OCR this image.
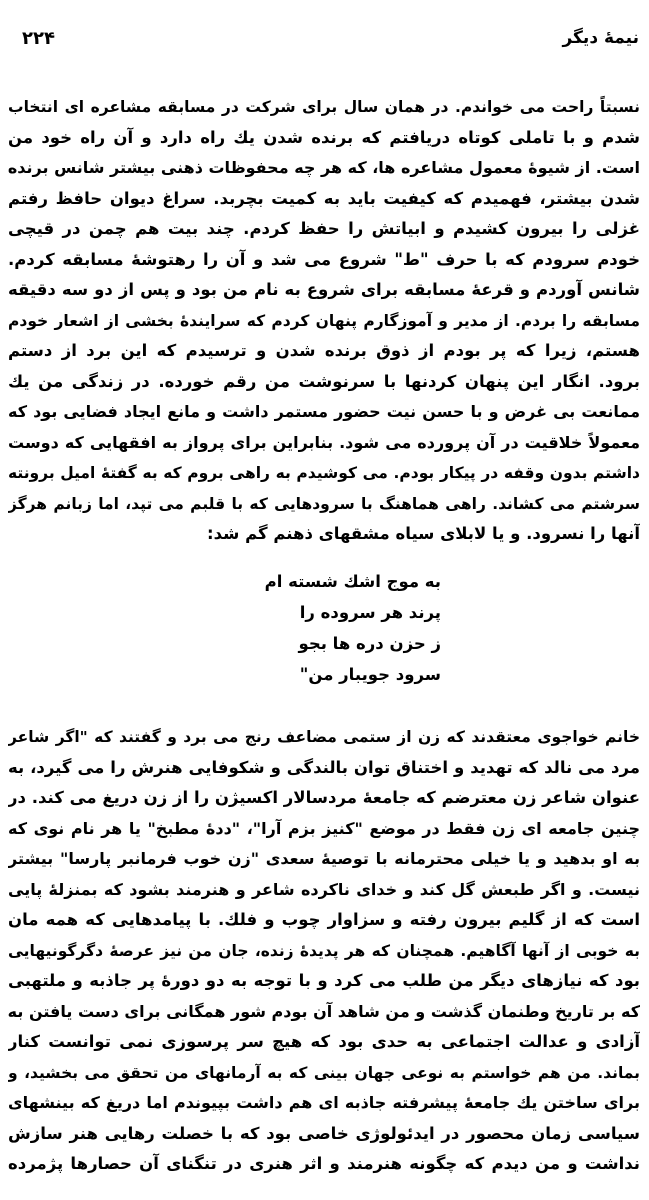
نیمهٔ دیگر
۲۲۴
نسبتاً راحت می خواندم. در همان سال برای شرکت در مسابقه مشاعره ای انتخاب
شدم و با تاملی کوتاه دریافتم که برنده شدن یك راه دارد و آن راه خود من
است. از شیوهٔ معمول مشاعره ها، که هر چه محفوظات ذهنی بیشتر شانس برنده
شدن بیشتر، فهمیدم که کیفیت باید به کمیت بچربد. سراغ دیوان حافظ رفتم
غزلی را بیرون کشیدم و ابیاتش را حفظ کردم. چند بیت هم چمن در قیچی
خودم سرودم که با حرف "ط" شروع می شد و آن را رهتوشهٔ مسابقه کردم.
شانس آوردم و قرعهٔ مسابقه برای شروع به نام من بود و پس از دو سه دقیقه
مسابقه را بردم. از مدیر و آموزگارم پنهان کردم که سرایندهٔ بخشی از اشعار خودم
هستم، زیرا که پر بودم از ذوق برنده شدن و ترسیدم که این برد از دستم
برود. انگار این پنهان کردنها با سرنوشت من رقم خورده. در زندگی من یك
ممانعت بی غرض و با حسن نیت حضور مستمر داشت و مانع ایجاد فضایی بود که
معمولاً خلاقیت در آن پرورده می شود. بنابراین برای پرواز به افقهایی که دوست
داشتم بدون وقفه در پیکار بودم. می کوشیدم به راهی بروم که به گفتهٔ امیل برونته
سرشتم می کشاند. راهی هماهنگ با سرودهایی که با قلبم می تپد، اما زبانم هرگز
آنها را نسرود. و یا لابلای سیاه مشقهای ذهنم گم شد:
به موج اشك شسته ام
پرند هر سروده را
ز حزن دره ها بجو
سرود جویبار من"
خانم خواجوی معتقدند که زن از ستمی مضاعف رنج می برد و گفتند که "اگر شاعر
مرد می نالد که تهدید و اختناق توان بالندگی و شکوفایی هنرش را می گیرد، به
عنوان شاعر زن معترضم که جامعهٔ مردسالار اکسیژن را از زن دریغ می کند. در
چنین جامعه ای زن فقط در موضع "کنیز بزم آرا"، "ددهٔ مطبخ" یا هر نام نوی که
به او بدهید و یا خیلی محترمانه با توصیهٔ سعدی "زن خوب فرمانبر پارسا" بیشتر
نیست. و اگر طبعش گل کند و خدای ناکرده شاعر و هنرمند بشود که بمنزلهٔ پایی
است که از گلیم بیرون رفته و سزاوار چوب و فلك. با پیامدهایی که همه مان
به خوبی از آنها آگاهیم. همچنان که هر پدیدهٔ زنده، جان من نیز عرصهٔ دگرگونیهایی
بود که نیازهای دیگر من طلب می کرد و با توجه به دو دورهٔ پر جاذبه و ملتهبی
که بر تاریخ وطنمان گذشت و من شاهد آن بودم شور همگانی برای دست یافتن به
آزادی و عدالت اجتماعی به حدی بود که هیچ سر پرسوزی نمی توانست کنار
بماند. من هم خواستم به نوعی جهان بینی که به آرمانهای من تحقق می بخشید، و
برای ساختن یك جامعهٔ پیشرفته جاذبه ای هم داشت بپیوندم اما دریغ که بینشهای
سیاسی زمان محصور در ایدئولوژی خاصی بود که با خصلت رهایی هنر سازش
نداشت و من دیدم که چگونه هنرمند و اثر هنری در تنگنای آن حصارها پژمرده
